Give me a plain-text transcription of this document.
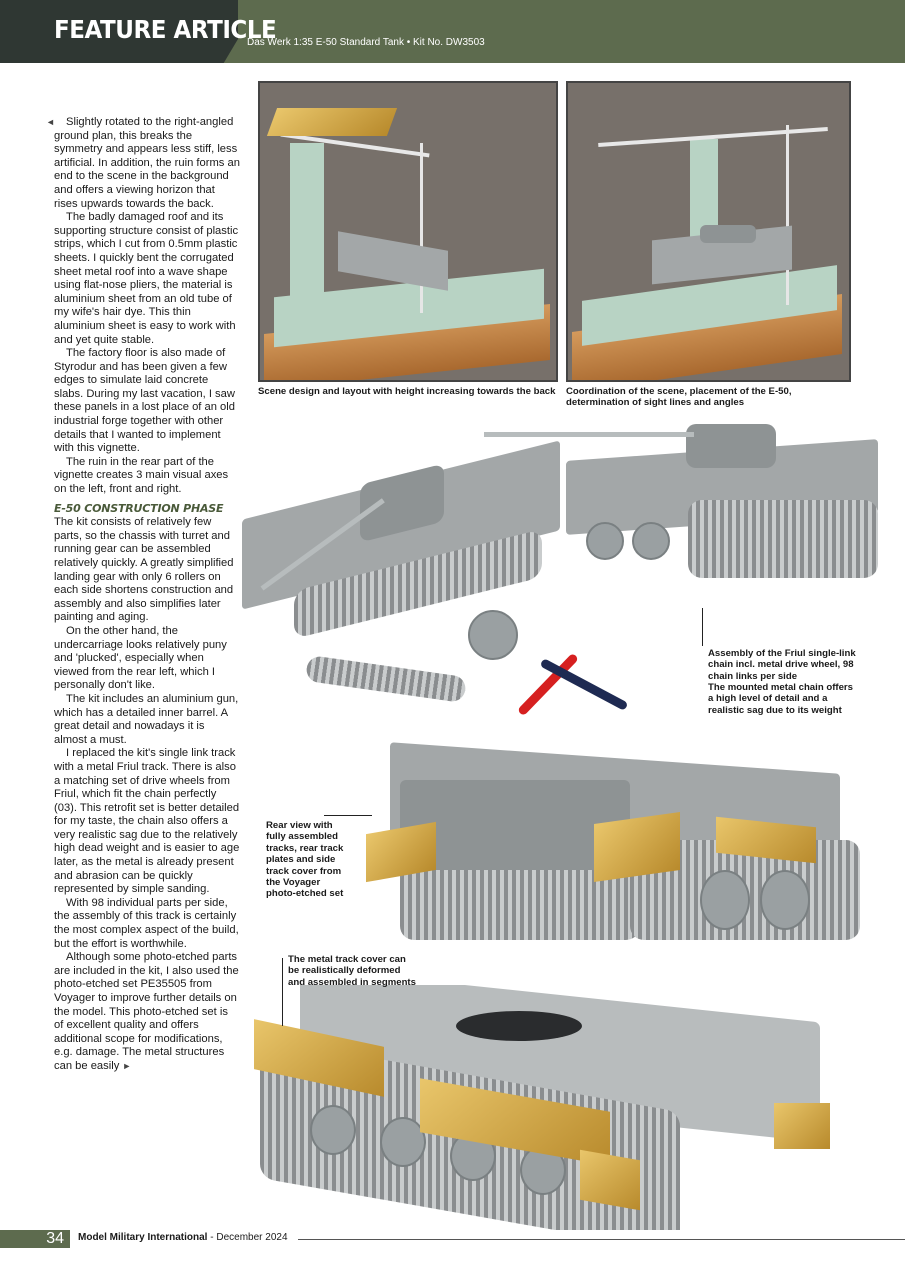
FEATURE ARTICLE
Das Werk 1:35 E-50 Standard Tank • Kit No. DW3503
◄ Slightly rotated to the right-angled ground plan, this breaks the symmetry and appears less stiff, less artificial. In addition, the ruin forms an end to the scene in the background and offers a viewing horizon that rises upwards towards the back.

The badly damaged roof and its supporting structure consist of plastic strips, which I cut from 0.5mm plastic sheets. I quickly bent the corrugated sheet metal roof into a wave shape using flat-nose pliers, the material is aluminium sheet from an old tube of my wife's hair dye. This thin aluminium sheet is easy to work with and yet quite stable.

The factory floor is also made of Styrodur and has been given a few edges to simulate laid concrete slabs. During my last vacation, I saw these panels in a lost place of an old industrial forge together with other details that I wanted to implement with this vignette.

The ruin in the rear part of the vignette creates 3 main visual axes on the left, front and right.

E-50 CONSTRUCTION PHASE

The kit consists of relatively few parts, so the chassis with turret and running gear can be assembled relatively quickly. A greatly simplified landing gear with only 6 rollers on each side shortens construction and assembly and also simplifies later painting and aging.

On the other hand, the undercarriage looks relatively puny and 'plucked', especially when viewed from the rear left, which I personally don't like.

The kit includes an aluminium gun, which has a detailed inner barrel. A great detail and nowadays it is almost a must.

I replaced the kit's single link track with a metal Friul track. There is also a matching set of drive wheels from Friul, which fit the chain perfectly (03). This retrofit set is better detailed for my taste, the chain also offers a very realistic sag due to the relatively high dead weight and is easier to age later, as the metal is already present and abrasion can be quickly represented by simple sanding.

With 98 individual parts per side, the assembly of this track is certainly the most complex aspect of the build, but the effort is worthwhile.

Although some photo-etched parts are included in the kit, I also used the photo-etched set PE35505 from Voyager to improve further details on the model. This photo-etched set is of excellent quality and offers additional scope for modifications, e.g. damage. The metal structures can be easily ►

Scene design and layout with height increasing towards the back Coordination of the scene, placement of the E-50, determination of sight lines and angles
Assembly of the Friul single-link chain incl. metal drive wheel, 98 chain links per side
The mounted metal chain offers a high level of detail and a realistic sag due to its weight
Rear view with fully assembled tracks, rear track plates and side track cover from the Voyager photo-etched set
The metal track cover can be realistically deformed and assembled in segments
34 Model Military International - December 2024
